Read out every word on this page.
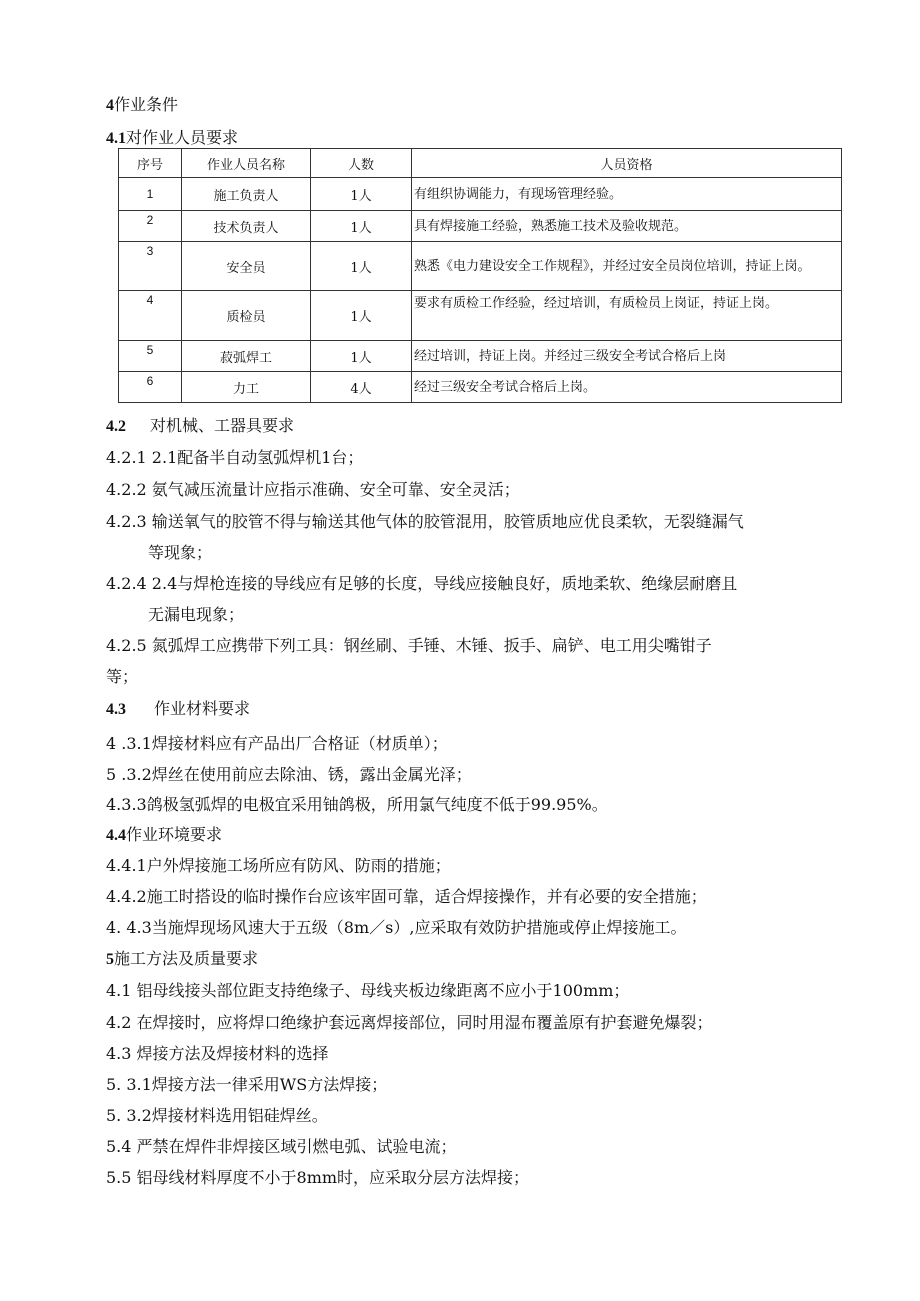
4作业条件
4.1对作业人员要求
序号	作业人员名称	人数	人员资格
1	施工负责人	1人	有组织协调能力，有现场管理经验。
2	技术负责人	1人	具有焊接施工经验，熟悉施工技术及验收规范。
3	安全员	1人	熟悉《电力建设安全工作规程》，并经过安全员岗位培训，持证上岗。
4	质检员	1人	要求有质检工作经验，经过培训，有质检员上岗证，持证上岗。
5	菽弧焊工	1人	经过培训，持证上岗。并经过三级安全考试合格后上岗
6	力工	4人	经过三级安全考试合格后上岗。
4.2 对机械、工器具要求
4.2.1 2.1配备半自动氢弧焊机1台；
4.2.2 氨气减压流量计应指示准确、安全可靠、安全灵活；
4.2.3 输送氧气的胶管不得与输送其他气体的胶管混用，胶管质地应优良柔软，无裂缝漏气
等现象；
4.2.4 2.4与焊枪连接的导线应有足够的长度，导线应接触良好，质地柔软、绝缘层耐磨且
无漏电现象；
4.2.5 氮弧焊工应携带下列工具：钢丝刷、手锤、木锤、扳手、扁铲、电工用尖嘴钳子
等；
4.3 作业材料要求
4 .3.1焊接材料应有产品出厂合格证（材质单）；
5 .3.2焊丝在使用前应去除油、锈，露出金属光泽；
4.3.3鸽极氢弧焊的电极宜采用铀鸽极，所用氯气纯度不低于99.95%。
4.4作业环境要求
4.4.1户外焊接施工场所应有防风、防雨的措施；
4.4.2施工时搭设的临时操作台应该牢固可靠，适合焊接操作，并有必要的安全措施；
4. 4.3当施焊现场风速大于五级（8m／s）,应采取有效防护措施或停止焊接施工。
5施工方法及质量要求
4.1 铝母线接头部位距支持绝缘子、母线夹板边缘距离不应小于100mm；
4.2 在焊接时，应将焊口绝缘护套远离焊接部位，同时用湿布覆盖原有护套避免爆裂；
4.3 焊接方法及焊接材料的选择
5. 3.1焊接方法一律采用WS方法焊接；
5. 3.2焊接材料选用铝硅焊丝。
5.4 严禁在焊件非焊接区域引燃电弧、试验电流；
5.5 铝母线材料厚度不小于8mm时，应采取分层方法焊接；
